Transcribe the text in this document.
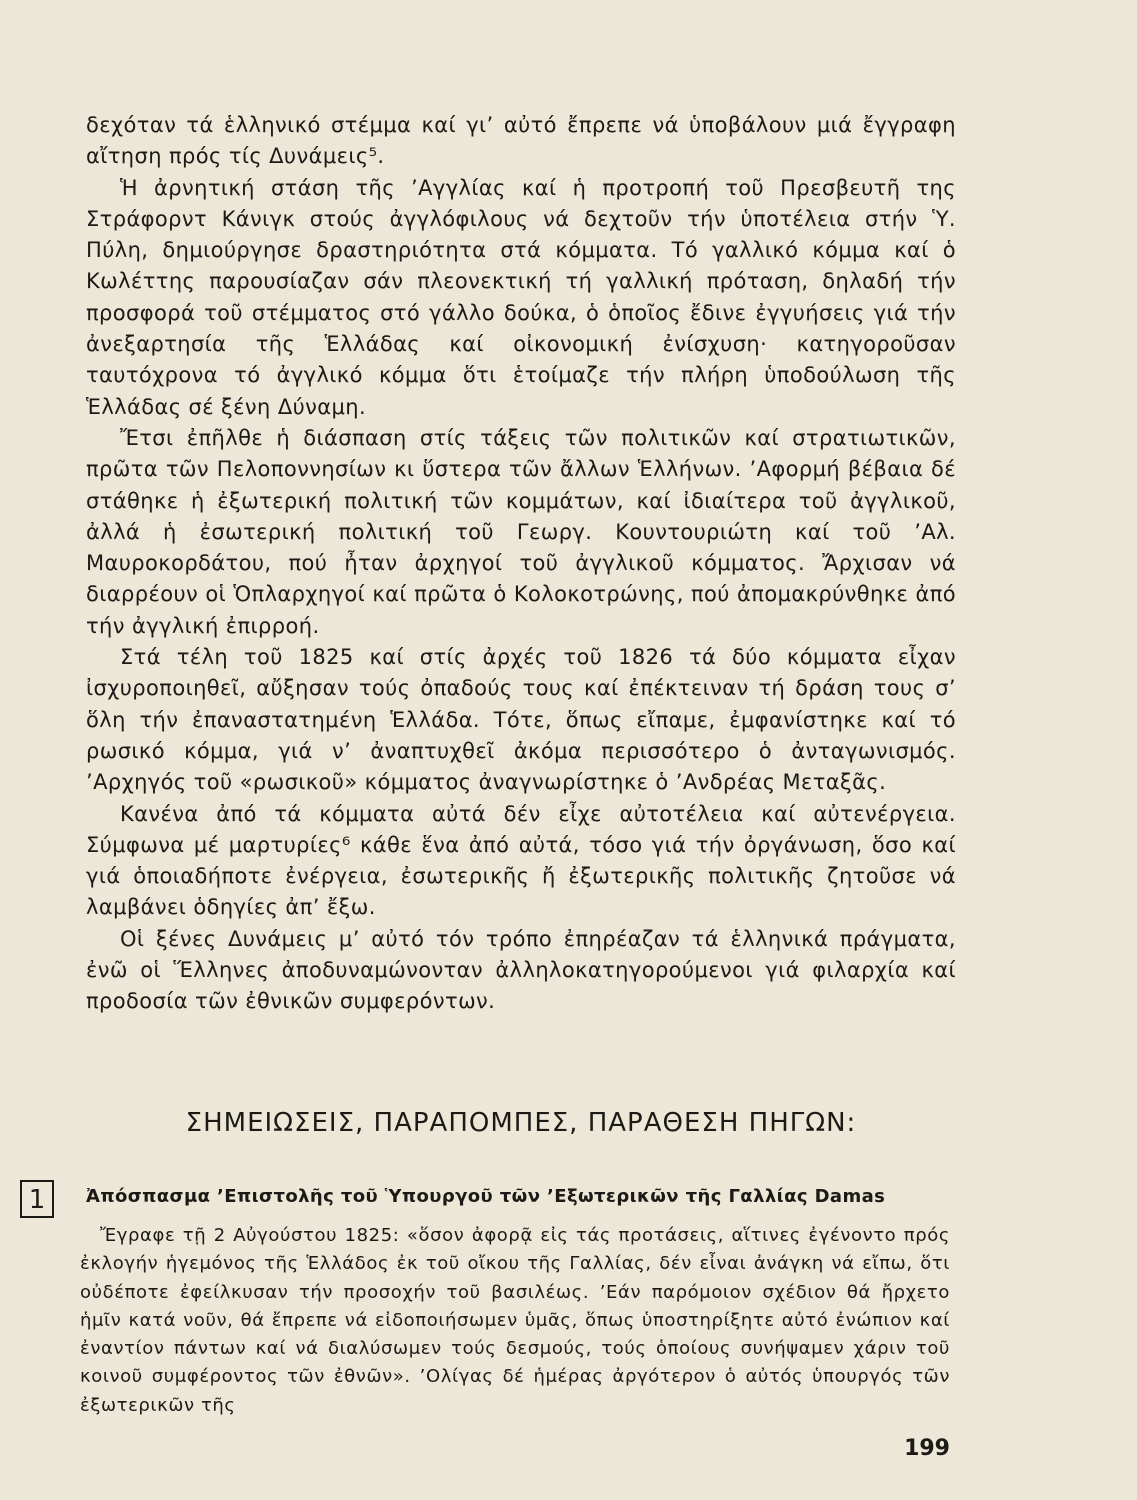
δεχόταν τά ἑλληνικό στέμμα καί γι’ αὐτό ἔπρεπε νά ὑποβάλουν μιά ἔγγραφη αἴτηση πρός τίς Δυνάμεις⁵.

Ἡ ἀρνητική στάση τῆς ’Αγγλίας καί ἡ προτροπή τοῦ Πρεσβευτῆ της Στράφορντ Κάνιγκ στούς ἀγγλόφιλους νά δεχτοῦν τήν ὑποτέλεια στήν Ὑ. Πύλη, δημιούργησε δραστηριότητα στά κόμματα. Τό γαλλικό κόμμα καί ὁ Κωλέττης παρουσίαζαν σάν πλεονεκτική τή γαλλική πρόταση, δηλαδή τήν προσφορά τοῦ στέμματος στό γάλλο δούκα, ὁ ὁποῖος ἔδινε ἐγγυήσεις γιά τήν ἀνεξαρτησία τῆς Ἑλλάδας καί οἰκονομική ἐνίσχυση· κατηγοροῦσαν ταυτόχρονα τό ἀγγλικό κόμμα ὅτι ἑτοίμαζε τήν πλήρη ὑποδούλωση τῆς Ἑλλάδας σέ ξένη Δύναμη.

Ἔτσι ἐπῆλθε ἡ διάσπαση στίς τάξεις τῶν πολιτικῶν καί στρατιωτικῶν, πρῶτα τῶν Πελοποννησίων κι ὕστερα τῶν ἄλλων Ἑλλήνων. ’Αφορμή βέβαια δέ στάθηκε ἡ ἐξωτερική πολιτική τῶν κομμάτων, καί ἰδιαίτερα τοῦ ἀγγλικοῦ, ἀλλά ἡ ἐσωτερική πολιτική τοῦ Γεωργ. Κουντουριώτη καί τοῦ ’Αλ. Μαυροκορδάτου, πού ἦταν ἀρχηγοί τοῦ ἀγγλικοῦ κόμματος. Ἄρχισαν νά διαρρέουν οἱ Ὁπλαρχηγοί καί πρῶτα ὁ Κολοκοτρώνης, πού ἀπομακρύνθηκε ἀπό τήν ἀγγλική ἐπιρροή.

Στά τέλη τοῦ 1825 καί στίς ἀρχές τοῦ 1826 τά δύο κόμματα εἶχαν ἰσχυροποιηθεῖ, αὔξησαν τούς ὀπαδούς τους καί ἐπέκτειναν τή δράση τους σ’ ὅλη τήν ἐπαναστατημένη Ἑλλάδα. Τότε, ὅπως εἴπαμε, ἐμφανίστηκε καί τό ρωσικό κόμμα, γιά ν’ ἀναπτυχθεῖ ἀκόμα περισσότερο ὁ ἀνταγωνισμός. ’Αρχηγός τοῦ «ρωσικοῦ» κόμματος ἀναγνωρίστηκε ὁ ’Ανδρέας Μεταξᾶς.

Κανένα ἀπό τά κόμματα αὐτά δέν εἶχε αὐτοτέλεια καί αὐτενέργεια. Σύμφωνα μέ μαρτυρίες⁶ κάθε ἕνα ἀπό αὐτά, τόσο γιά τήν ὀργάνωση, ὅσο καί γιά ὁποιαδήποτε ἐνέργεια, ἐσωτερικῆς ἤ ἐξωτερικῆς πολιτικῆς ζητοῦσε νά λαμβάνει ὁδηγίες ἀπ’ ἔξω.

Οἱ ξένες Δυνάμεις μ’ αὐτό τόν τρόπο ἐπηρέαζαν τά ἑλληνικά πράγματα, ἐνῶ οἱ Ἕλληνες ἀποδυναμώνονταν ἀλληλοκατηγορούμενοι γιά φιλαρχία καί προδοσία τῶν ἐθνικῶν συμφερόντων.

ΣΗΜΕΙΩΣΕΙΣ, ΠΑΡΑΠΟΜΠΕΣ, ΠΑΡΑΘΕΣΗ ΠΗΓΩΝ:
1	Ἀπόσπασμα ’Επιστολῆς τοῦ Ὑπουργοῦ τῶν ’Εξωτερικῶν τῆς Γαλλίας Damas

Ἔγραφε τῇ 2 Αὐγούστου 1825: «ὅσον ἀφορᾷ εἰς τάς προτάσεις, αἵτινες ἐγένοντο πρός ἐκλογήν ἡγεμόνος τῆς Ἑλλάδος ἐκ τοῦ οἴκου τῆς Γαλλίας, δέν εἶναι ἀνάγκη νά εἴπω, ὅτι οὐδέποτε ἐφείλκυσαν τήν προσοχήν τοῦ βασιλέως. ’Εάν παρόμοιον σχέδιον θά ἤρχετο ἡμῖν κατά νοῦν, θά ἔπρεπε νά εἰδοποιήσωμεν ὑμᾶς, ὅπως ὑποστηρίξητε αὐτό ἐνώπιον καί ἐναντίον πάντων καί νά διαλύσωμεν τούς δεσμούς, τούς ὁποίους συνήψαμεν χάριν τοῦ κοινοῦ συμφέροντος τῶν ἐθνῶν». ’Ολίγας δέ ἡμέρας ἀργότερον ὁ αὐτός ὑπουργός τῶν ἐξωτερικῶν τῆς

199
